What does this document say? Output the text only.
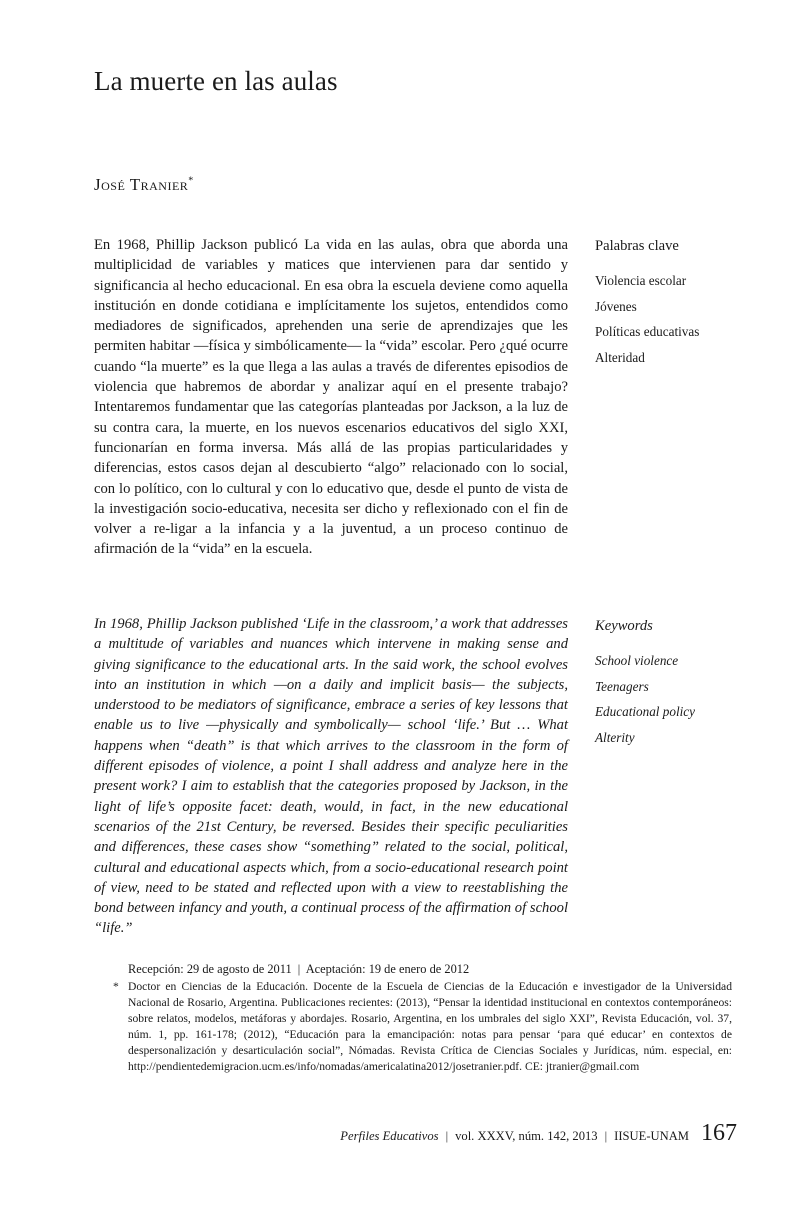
La muerte en las aulas
José Tranier*

En 1968, Phillip Jackson publicó La vida en las aulas, obra que aborda una multiplicidad de variables y matices que intervienen para dar sentido y significancia al hecho educacional. En esa obra la escuela deviene como aquella institución en donde cotidiana e implícitamente los sujetos, entendidos como mediadores de significados, aprehenden una serie de aprendizajes que les permiten habitar —física y simbólicamente— la “vida” escolar. Pero ¿qué ocurre cuando “la muerte” es la que llega a las aulas a través de diferentes episodios de violencia que habremos de abordar y analizar aquí en el presente trabajo? Intentaremos fundamentar que las categorías planteadas por Jackson, a la luz de su contra cara, la muerte, en los nuevos escenarios educativos del siglo XXI, funcionarían en forma inversa. Más allá de las propias particularidades y diferencias, estos casos dejan al descubierto “algo” relacionado con lo social, con lo político, con lo cultural y con lo educativo que, desde el punto de vista de la investigación socio-educativa, necesita ser dicho y reflexionado con el fin de volver a re-ligar a la infancia y a la juventud, a un proceso continuo de afirmación de la “vida” en la escuela.

Palabras clave
Violencia escolar
Jóvenes
Políticas educativas
Alteridad

In 1968, Phillip Jackson published ‘Life in the classroom,’ a work that addresses a multitude of variables and nuances which intervene in making sense and giving significance to the educational arts. In the said work, the school evolves into an institution in which —on a daily and implicit basis— the subjects, understood to be mediators of significance, embrace a series of key lessons that enable us to live —physically and symbolically— school ‘life.’ But … What happens when “death” is that which arrives to the classroom in the form of different episodes of violence, a point I shall address and analyze here in the present work? I aim to establish that the categories proposed by Jackson, in the light of life’s opposite facet: death, would, in fact, in the new educational scenarios of the 21st Century, be reversed. Besides their specific peculiarities and differences, these cases show “something” related to the social, political, cultural and educational aspects which, from a socio-educational research point of view, need to be stated and reflected upon with a view to reestablishing the bond between infancy and youth, a continual process of the affirmation of school “life.”

Keywords
School violence
Teenagers
Educational policy
Alterity
Recepción: 29 de agosto de 2011 | Aceptación: 19 de enero de 2012
* Doctor en Ciencias de la Educación. Docente de la Escuela de Ciencias de la Educación e investigador de la Universidad Nacional de Rosario, Argentina. Publicaciones recientes: (2013), “Pensar la identidad institucional en contextos contemporáneos: sobre relatos, modelos, metáforas y abordajes. Rosario, Argentina, en los umbrales del siglo XXI”, Revista Educación, vol. 37, núm. 1, pp. 161-178; (2012), “Educación para la emancipación: notas para pensar ‘para qué educar’ en contextos de despersonalización y desarticulación social”, Nómadas. Revista Crítica de Ciencias Sociales y Jurídicas, núm. especial, en: http://pendientedemigracion.ucm.es/info/nomadas/americalatina2012/josetranier.pdf. CE: jtranier@gmail.com

Perfiles Educativos | vol. XXXV, núm. 142, 2013 | IISUE-UNAM 167
